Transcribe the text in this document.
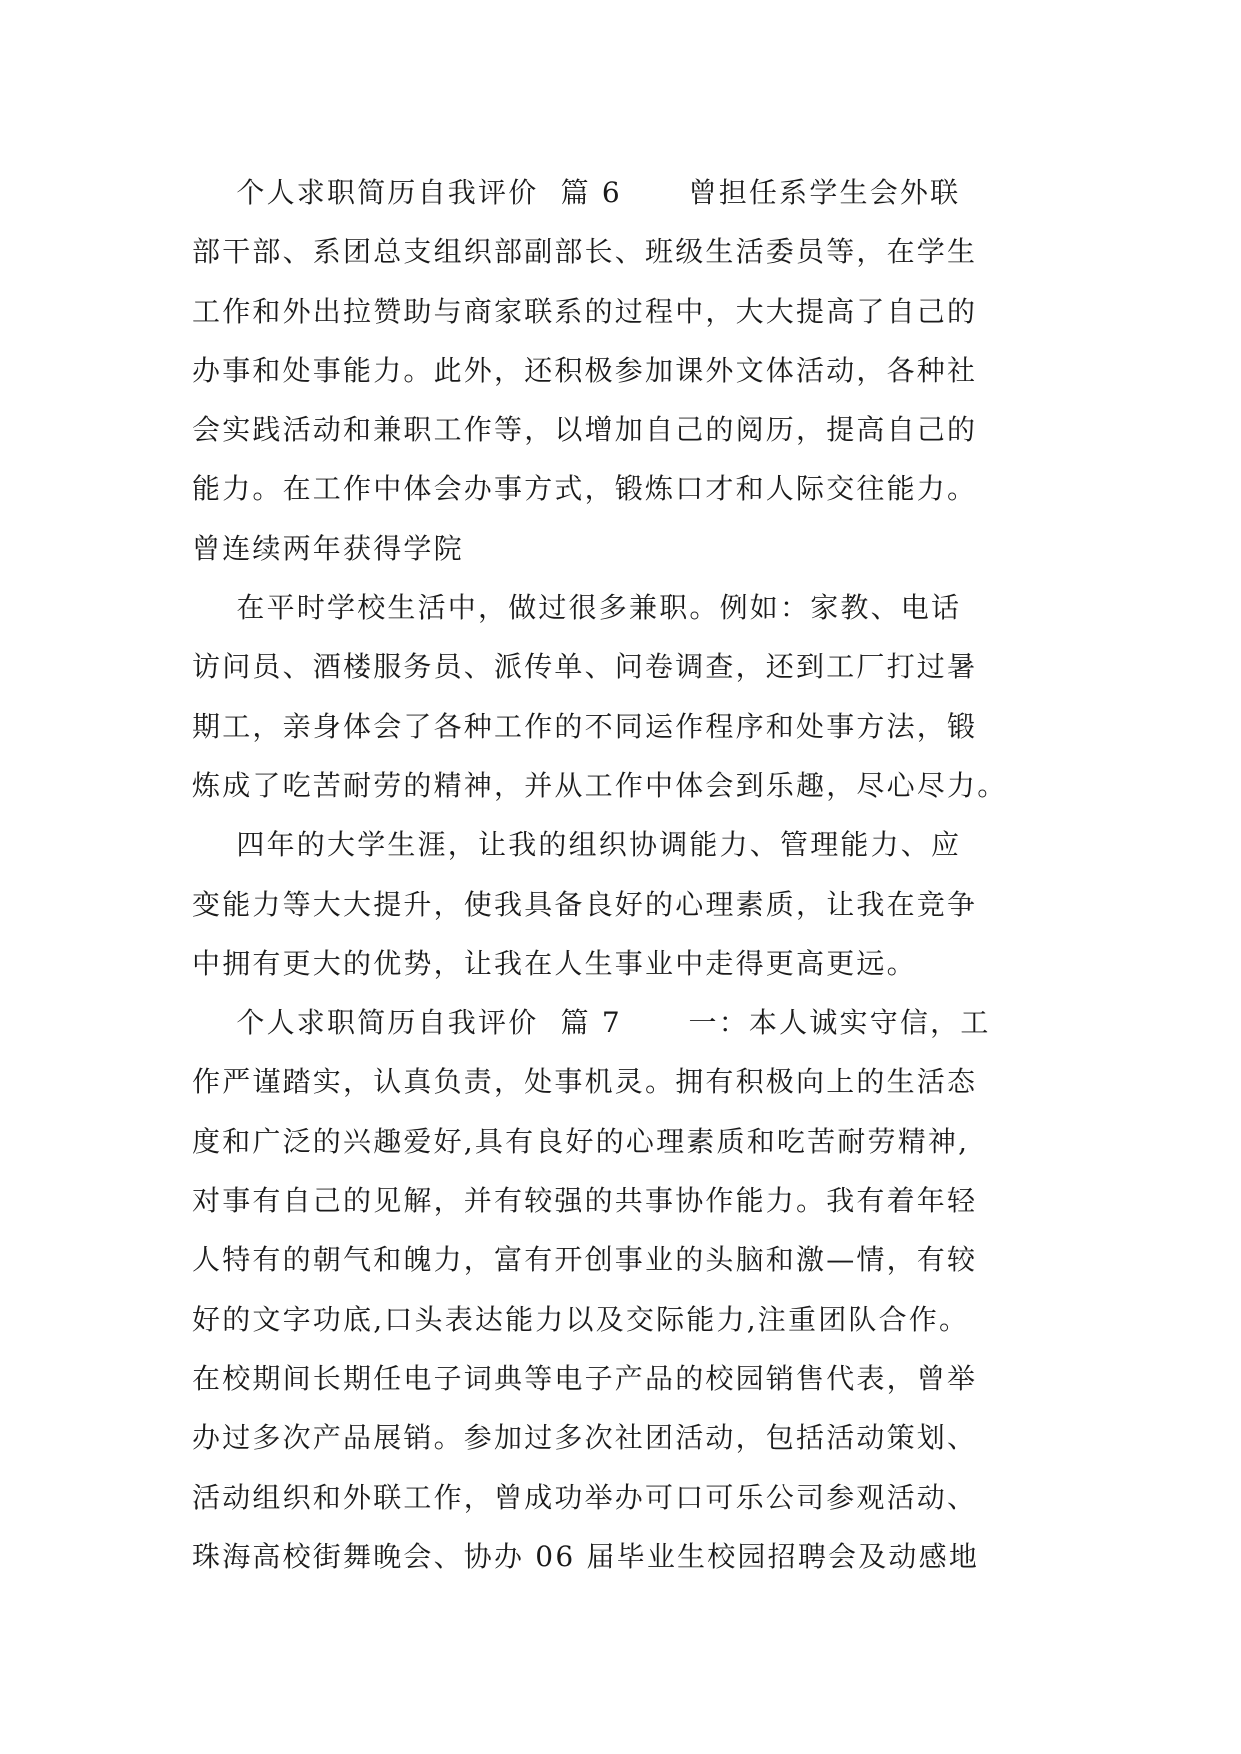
个人求职简历自我评价  篇 6      曾担任系学生会外联
部干部、系团总支组织部副部长、班级生活委员等，在学生
工作和外出拉赞助与商家联系的过程中，大大提高了自己的
办事和处事能力。此外，还积极参加课外文体活动，各种社
会实践活动和兼职工作等，以增加自己的阅历，提高自己的
能力。在工作中体会办事方式，锻炼口才和人际交往能力。
曾连续两年获得学院
在平时学校生活中，做过很多兼职。例如：家教、电话
访问员、酒楼服务员、派传单、问卷调查，还到工厂打过暑
期工，亲身体会了各种工作的不同运作程序和处事方法，锻
炼成了吃苦耐劳的精神，并从工作中体会到乐趣，尽心尽力。
四年的大学生涯，让我的组织协调能力、管理能力、应
变能力等大大提升，使我具备良好的心理素质，让我在竞争
中拥有更大的优势，让我在人生事业中走得更高更远。
个人求职简历自我评价  篇 7      一：本人诚实守信，工
作严谨踏实，认真负责，处事机灵。拥有积极向上的生活态
度和广泛的兴趣爱好,具有良好的心理素质和吃苦耐劳精神,
对事有自己的见解，并有较强的共事协作能力。我有着年轻
人特有的朝气和魄力，富有开创事业的头脑和激—情，有较
好的文字功底,口头表达能力以及交际能力,注重团队合作。
在校期间长期任电子词典等电子产品的校园销售代表，曾举
办过多次产品展销。参加过多次社团活动，包括活动策划、
活动组织和外联工作，曾成功举办可口可乐公司参观活动、
珠海高校街舞晚会、协办 06 届毕业生校园招聘会及动感地
